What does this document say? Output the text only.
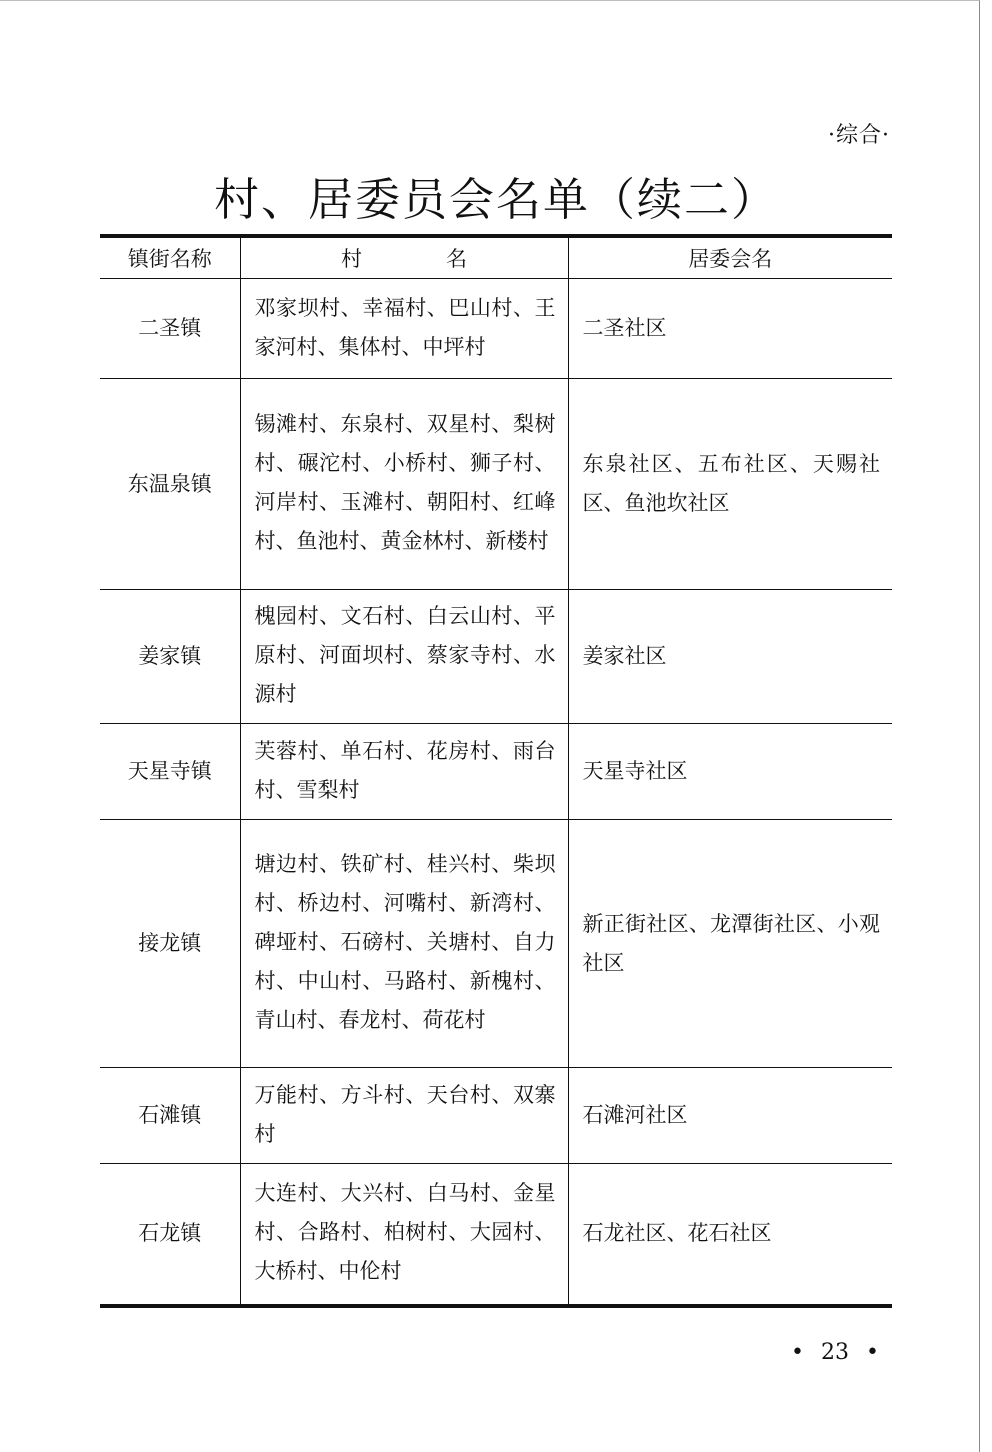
·综合·
村、居委员会名单（续二）
镇街名称	村　　　　名	居委会名
二圣镇	邓家坝村、幸福村、巴山村、王家河村、集体村、中坪村	二圣社区
东温泉镇	锡滩村、东泉村、双星村、梨树村、碾沱村、小桥村、狮子村、河岸村、玉滩村、朝阳村、红峰村、鱼池村、黄金林村、新楼村	东泉社区、五布社区、天赐社区、鱼池坎社区
姜家镇	槐园村、文石村、白云山村、平原村、河面坝村、蔡家寺村、水源村	姜家社区
天星寺镇	芙蓉村、单石村、花房村、雨台村、雪梨村	天星寺社区
接龙镇	塘边村、铁矿村、桂兴村、柴坝村、桥边村、河嘴村、新湾村、碑垭村、石磅村、关塘村、自力村、中山村、马路村、新槐村、青山村、春龙村、荷花村	新正街社区、龙潭街社区、小观社区
石滩镇	万能村、方斗村、天台村、双寨村	石滩河社区
石龙镇	大连村、大兴村、白马村、金星村、合路村、柏树村、大园村、大桥村、中伦村	石龙社区、花石社区
• 23 •
